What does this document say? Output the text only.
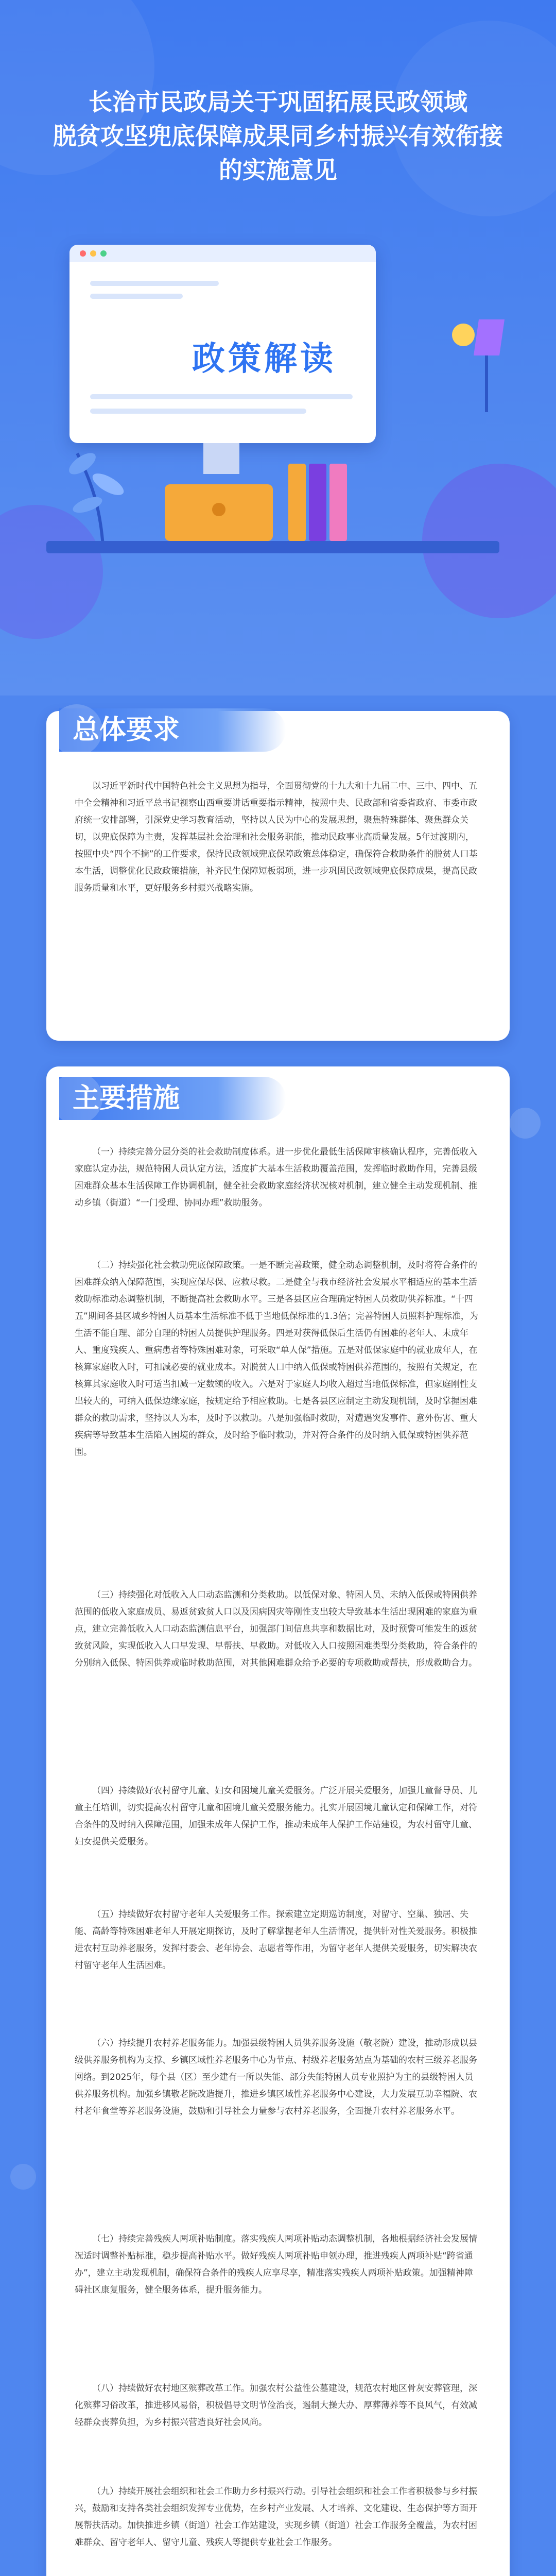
长治市民政局关于巩固拓展民政领域
脱贫攻坚兜底保障成果同乡村振兴有效衔接
的实施意见
政策解读
总体要求

以习近平新时代中国特色社会主义思想为指导，全面贯彻党的十九大和十九届二中、三中、四中、五中全会精神和习近平总书记视察山西重要讲话重要指示精神，按照中央、民政部和省委省政府、市委市政府统一安排部署，引深党史学习教育活动，坚持以人民为中心的发展思想，聚焦特殊群体、聚焦群众关切，以兜底保障为主责，发挥基层社会治理和社会服务职能，推动民政事业高质量发展。5年过渡期内，按照中央“四个不摘”的工作要求，保持民政领域兜底保障政策总体稳定，确保符合救助条件的脱贫人口基本生活，调整优化民政政策措施，补齐民生保障短板弱项，进一步巩固民政领域兜底保障成果，提高民政服务质量和水平，更好服务乡村振兴战略实施。

主要措施

（一）持续完善分层分类的社会救助制度体系。进一步优化最低生活保障审核确认程序，完善低收入家庭认定办法，规范特困人员认定方法，适度扩大基本生活救助覆盖范围，发挥临时救助作用，完善县级困难群众基本生活保障工作协调机制，健全社会救助家庭经济状况核对机制，建立健全主动发现机制、推动乡镇（街道）“一门受理、协同办理”救助服务。

（二）持续强化社会救助兜底保障政策。一是不断完善政策，健全动态调整机制，及时将符合条件的困难群众纳入保障范围，实现应保尽保、应救尽救。二是健全与我市经济社会发展水平相适应的基本生活救助标准动态调整机制，不断提高社会救助水平。三是各县区应合理确定特困人员救助供养标准。“十四五”期间各县区城乡特困人员基本生活标准不低于当地低保标准的1.3倍；完善特困人员照料护理标准，为生活不能自理、部分自理的特困人员提供护理服务。四是对获得低保后生活仍有困难的老年人、未成年人、重度残疾人、重病患者等特殊困难对象，可采取“单人保”措施。五是对低保家庭中的就业成年人，在核算家庭收入时，可扣减必要的就业成本。对脱贫人口中纳入低保或特困供养范围的，按照有关规定，在核算其家庭收入时可适当扣减一定数额的收入。六是对于家庭人均收入超过当地低保标准，但家庭刚性支出较大的，可纳入低保边缘家庭，按规定给予相应救助。七是各县区应制定主动发现机制，及时掌握困难群众的救助需求，坚持以人为本，及时予以救助。八是加强临时救助，对遭遇突发事件、意外伤害、重大疾病等导致基本生活陷入困境的群众，及时给予临时救助，并对符合条件的及时纳入低保或特困供养范围。

（三）持续强化对低收入人口动态监测和分类救助。以低保对象、特困人员、未纳入低保或特困供养范围的低收入家庭成员、易返贫致贫人口以及因病因灾等刚性支出较大导致基本生活出现困难的家庭为重点，建立完善低收入人口动态监测信息平台，加强部门间信息共享和数据比对，及时预警可能发生的返贫致贫风险，实现低收入人口早发现、早帮扶、早救助。对低收入人口按照困难类型分类救助，符合条件的分别纳入低保、特困供养或临时救助范围，对其他困难群众给予必要的专项救助或帮扶，形成救助合力。

（四）持续做好农村留守儿童、妇女和困境儿童关爱服务。广泛开展关爱服务，加强儿童督导员、儿童主任培训，切实提高农村留守儿童和困境儿童关爱服务能力。扎实开展困境儿童认定和保障工作，对符合条件的及时纳入保障范围，加强未成年人保护工作，推动未成年人保护工作站建设，为农村留守儿童、妇女提供关爱服务。

（五）持续做好农村留守老年人关爱服务工作。探索建立定期巡访制度，对留守、空巢、独居、失能、高龄等特殊困难老年人开展定期探访，及时了解掌握老年人生活情况，提供针对性关爱服务。积极推进农村互助养老服务，发挥村委会、老年协会、志愿者等作用，为留守老年人提供关爱服务，切实解决农村留守老年人生活困难。

（六）持续提升农村养老服务能力。加强县级特困人员供养服务设施（敬老院）建设，推动形成以县级供养服务机构为支撑、乡镇区域性养老服务中心为节点、村级养老服务站点为基础的农村三级养老服务网络。到2025年，每个县（区）至少建有一所以失能、部分失能特困人员专业照护为主的县级特困人员供养服务机构。加强乡镇敬老院改造提升，推进乡镇区域性养老服务中心建设，大力发展互助幸福院、农村老年食堂等养老服务设施，鼓励和引导社会力量参与农村养老服务，全面提升农村养老服务水平。

（七）持续完善残疾人两项补贴制度。落实残疾人两项补贴动态调整机制，各地根据经济社会发展情况适时调整补贴标准，稳步提高补贴水平。做好残疾人两项补贴申领办理，推进残疾人两项补贴“跨省通办”，建立主动发现机制，确保符合条件的残疾人应享尽享，精准落实残疾人两项补贴政策。加强精神障碍社区康复服务，健全服务体系，提升服务能力。

（八）持续做好农村地区殡葬改革工作。加强农村公益性公墓建设，规范农村地区骨灰安葬管理，深化殡葬习俗改革，推进移风易俗，积极倡导文明节俭治丧，遏制大操大办、厚葬薄养等不良风气，有效减轻群众丧葬负担，为乡村振兴营造良好社会风尚。

（九）持续开展社会组织和社会工作助力乡村振兴行动。引导社会组织和社会工作者积极参与乡村振兴，鼓励和支持各类社会组织发挥专业优势，在乡村产业发展、人才培养、文化建设、生态保护等方面开展帮扶活动。加快推进乡镇（街道）社会工作站建设，实现乡镇（街道）社会工作服务全覆盖，为农村困难群众、留守老年人、留守儿童、残疾人等提供专业社会工作服务。
